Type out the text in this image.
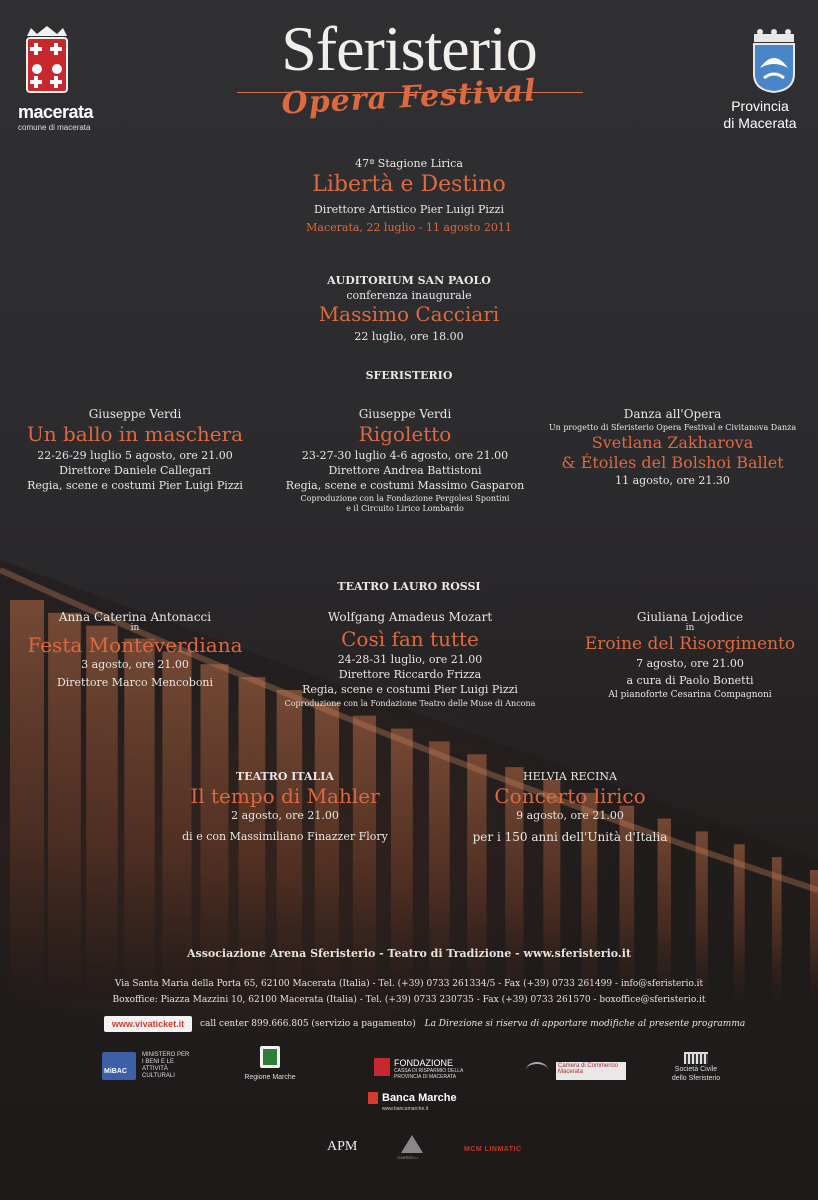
macerata
comune di macerata
Sferisterio
Opera Festival	Provincia
di Macerata
47ª Stagione Lirica
Libertà e Destino
Direttore Artistico Pier Luigi Pizzi
Macerata, 22 luglio - 11 agosto 2011
AUDITORIUM SAN PAOLO
conferenza inaugurale
Massimo Cacciari
22 luglio, ore 18.00
SFERISTERIO
Giuseppe Verdi
Un ballo in maschera
22-26-29 luglio 5 agosto, ore 21.00
Direttore Daniele Callegari
Regia, scene e costumi Pier Luigi Pizzi
Giuseppe Verdi
Rigoletto
23-27-30 luglio 4-6 agosto, ore 21.00
Direttore Andrea Battistoni
Regia, scene e costumi Massimo Gasparon
Coproduzione con la Fondazione Pergolesi Spontini
e il Circuito Lirico Lombardo
Danza all'Opera
Un progetto di Sferisterio Opera Festival e Civitanova Danza
Svetlana Zakharova
& Étoiles del Bolshoi Ballet
11 agosto, ore 21.30
TEATRO LAURO ROSSI
Anna Caterina Antonacci
in
Festa Monteverdiana
3 agosto, ore 21.00
Direttore Marco Mencoboni
Wolfgang Amadeus Mozart
Così fan tutte
24-28-31 luglio, ore 21.00
Direttore Riccardo Frizza
Regia, scene e costumi Pier Luigi Pizzi
Coproduzione con la Fondazione Teatro delle Muse di Ancona
Giuliana Lojodice
in
Eroine del Risorgimento
7 agosto, ore 21.00
a cura di Paolo Bonetti
Al pianoforte Cesarina Compagnoni
TEATRO ITALIA
Il tempo di Mahler
2 agosto, ore 21.00
di e con Massimiliano Finazzer Flory
HELVIA RECINA
Concerto lirico
9 agosto, ore 21.00
per i 150 anni dell'Unità d'Italia
Associazione Arena Sferisterio - Teatro di Tradizione - www.sferisterio.it
Via Santa Maria della Porta 65, 62100 Macerata (Italia) - Tel. (+39) 0733 261334/5 - Fax (+39) 0733 261499 - info@sferisterio.it
Boxoffice: Piazza Mazzini 10, 62100 Macerata (Italia) - Tel. (+39) 0733 230735 - Fax (+39) 0733 261570 - boxoffice@sferisterio.it
www.vivaticket.it	call center 899.666.805 (servizio a pagamento) La Direzione si riserva di apportare modifiche al presente programma
MiBAC
MINISTERO PER I BENI E LE ATTIVITÀ CULTURALI	Regione Marche
FONDAZIONE
CASSA DI RISPARMIO DELLA PROVINCIA DI MACERATA
Camera di Commercio Macerata	Società Civile
dello Sferisterio
Banca Marche
www.bancamarche.it
APM
GABRIELLI
MCM LINMATIC
